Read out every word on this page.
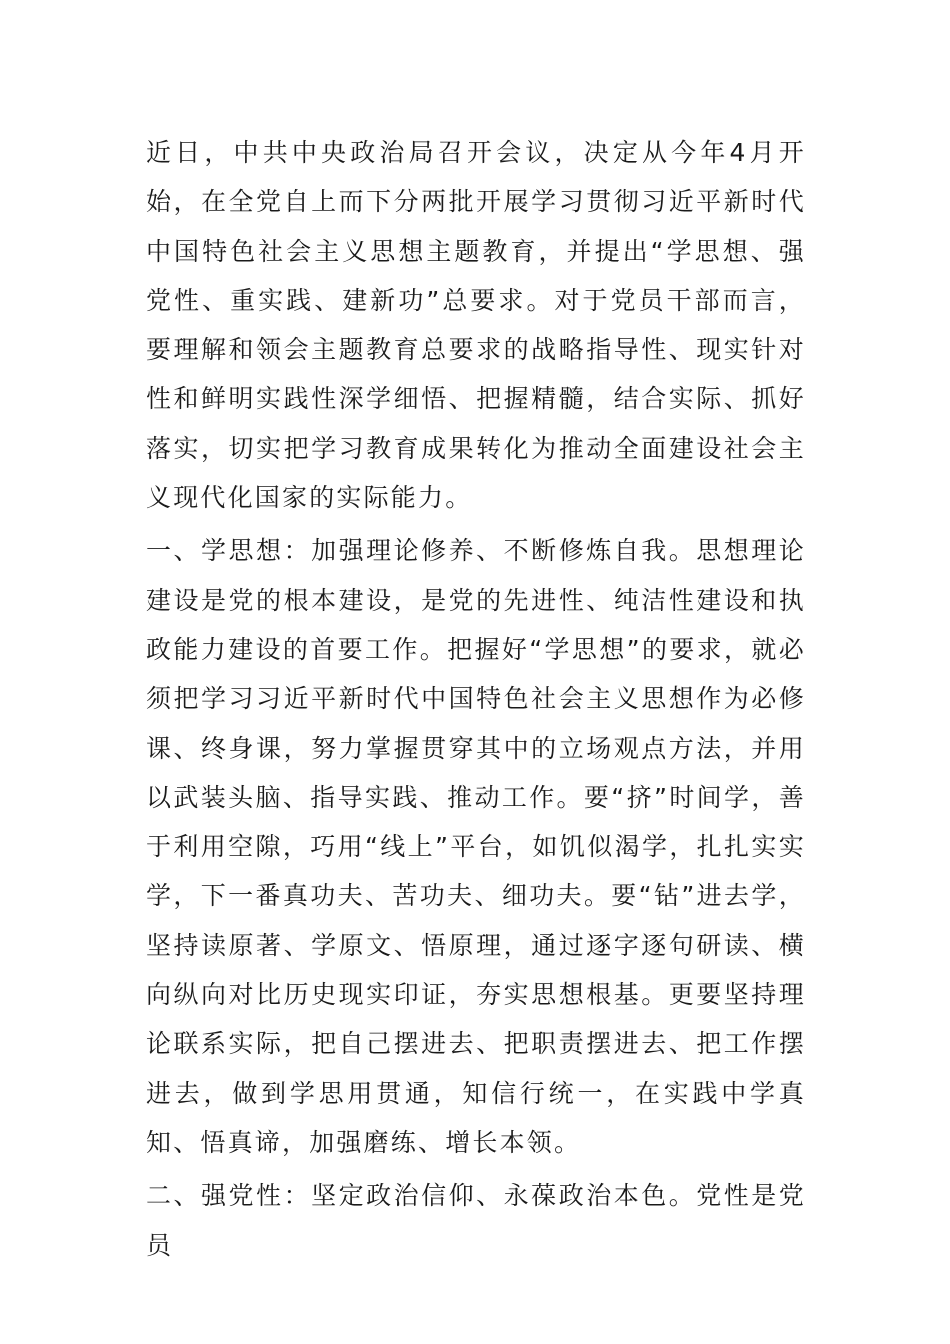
近日，中共中央政治局召开会议，决定从今年4月开始，在全党自上而下分两批开展学习贯彻习近平新时代中国特色社会主义思想主题教育，并提出“学思想、强党性、重实践、建新功”总要求。对于党员干部而言，要理解和领会主题教育总要求的战略指导性、现实针对性和鲜明实践性深学细悟、把握精髓，结合实际、抓好落实，切实把学习教育成果转化为推动全面建设社会主义现代化国家的实际能力。

一、学思想：加强理论修养、不断修炼自我。思想理论建设是党的根本建设，是党的先进性、纯洁性建设和执政能力建设的首要工作。把握好“学思想”的要求，就必须把学习习近平新时代中国特色社会主义思想作为必修课、终身课，努力掌握贯穿其中的立场观点方法，并用以武装头脑、指导实践、推动工作。要“挤”时间学，善于利用空隙，巧用“线上”平台，如饥似渴学，扎扎实实学，下一番真功夫、苦功夫、细功夫。要“钻”进去学，坚持读原著、学原文、悟原理，通过逐字逐句研读、横向纵向对比历史现实印证，夯实思想根基。更要坚持理论联系实际，把自己摆进去、把职责摆进去、把工作摆进去，做到学思用贯通，知信行统一，在实践中学真知、悟真谛，加强磨练、增长本领。

二、强党性：坚定政治信仰、永葆政治本色。党性是党员
